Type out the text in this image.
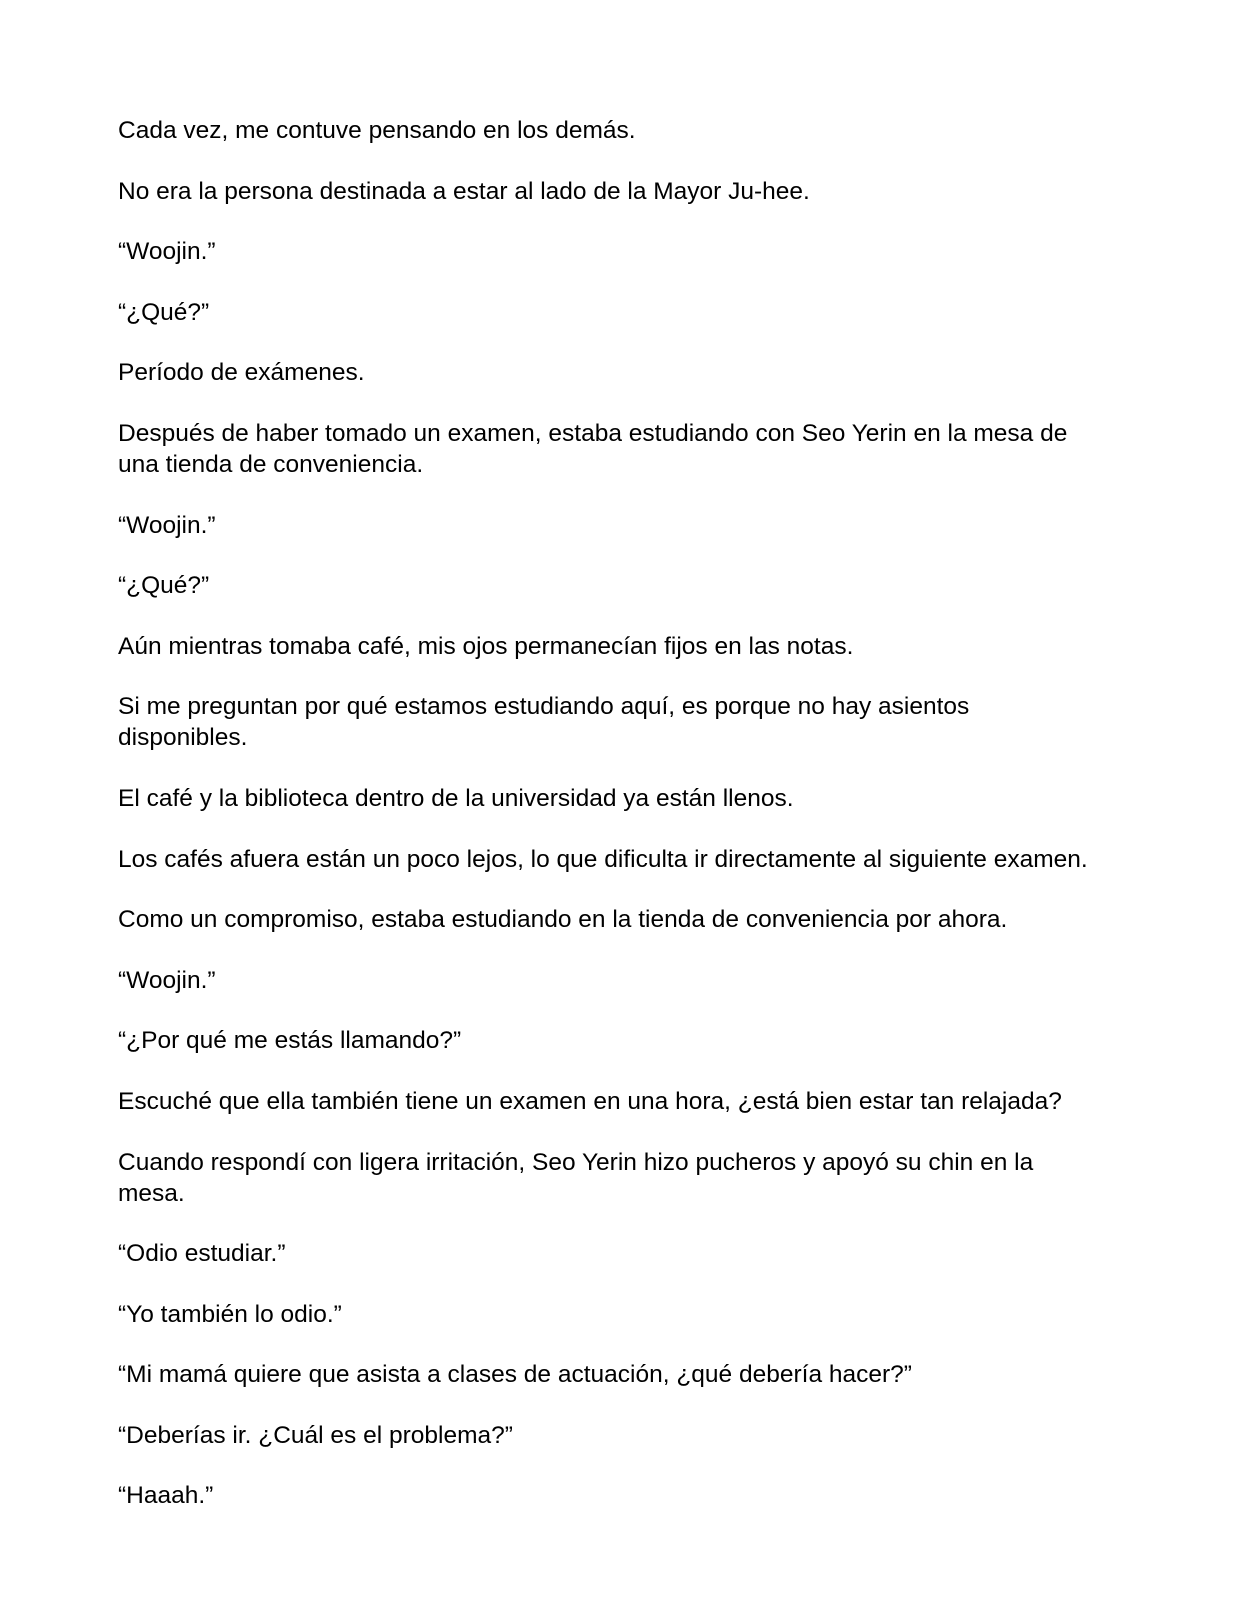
Cada vez, me contuve pensando en los demás.

No era la persona destinada a estar al lado de la Mayor Ju-hee.

“Woojin.”

“¿Qué?”

Período de exámenes.

Después de haber tomado un examen, estaba estudiando con Seo Yerin en la mesa de una tienda de conveniencia.

“Woojin.”

“¿Qué?”

Aún mientras tomaba café, mis ojos permanecían fijos en las notas.

Si me preguntan por qué estamos estudiando aquí, es porque no hay asientos disponibles.

El café y la biblioteca dentro de la universidad ya están llenos.

Los cafés afuera están un poco lejos, lo que dificulta ir directamente al siguiente examen.

Como un compromiso, estaba estudiando en la tienda de conveniencia por ahora.

“Woojin.”

“¿Por qué me estás llamando?”

Escuché que ella también tiene un examen en una hora, ¿está bien estar tan relajada?

Cuando respondí con ligera irritación, Seo Yerin hizo pucheros y apoyó su chin en la mesa.

“Odio estudiar.”

“Yo también lo odio.”

“Mi mamá quiere que asista a clases de actuación, ¿qué debería hacer?”

“Deberías ir. ¿Cuál es el problema?”

“Haaah.”
